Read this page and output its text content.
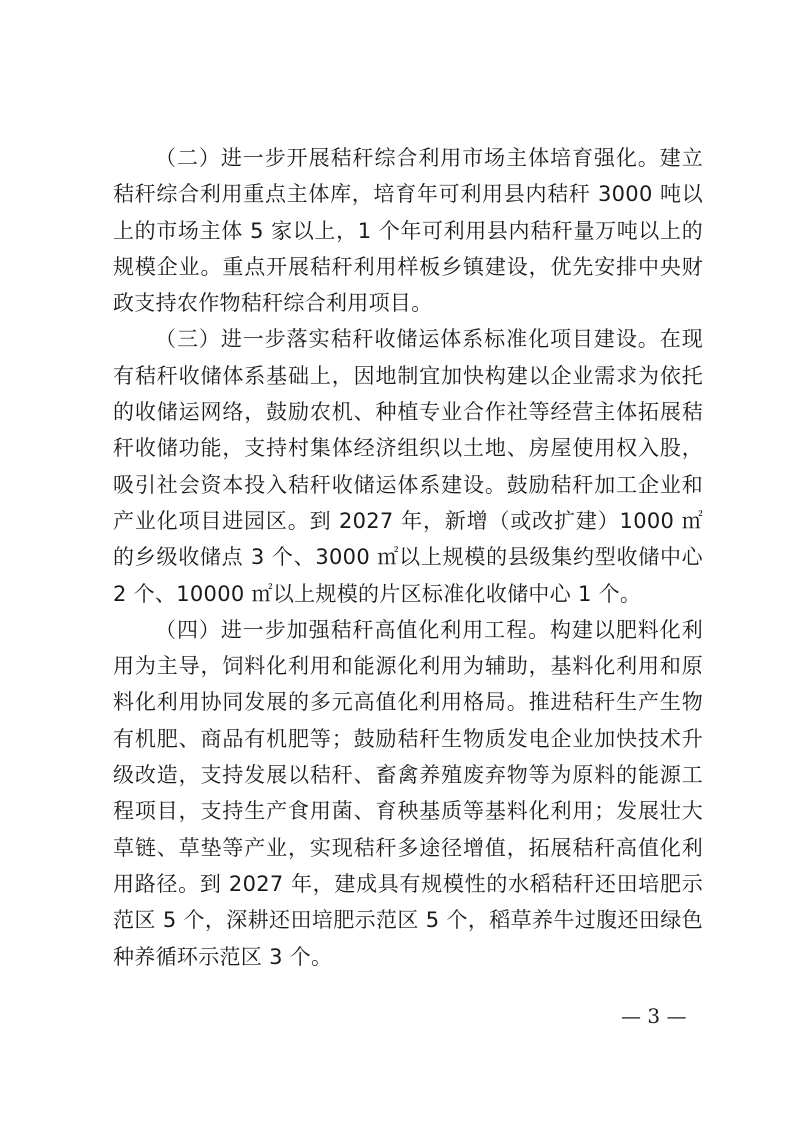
（二）进一步开展秸秆综合利用市场主体培育强化。建立秸秆综合利用重点主体库，培育年可利用县内秸秆 3000 吨以上的市场主体 5 家以上，1 个年可利用县内秸秆量万吨以上的规模企业。重点开展秸秆利用样板乡镇建设，优先安排中央财政支持农作物秸秆综合利用项目。

（三）进一步落实秸秆收储运体系标准化项目建设。在现有秸秆收储体系基础上，因地制宜加快构建以企业需求为依托的收储运网络，鼓励农机、种植专业合作社等经营主体拓展秸秆收储功能，支持村集体经济组织以土地、房屋使用权入股，吸引社会资本投入秸秆收储运体系建设。鼓励秸秆加工企业和产业化项目进园区。到 2027 年，新增（或改扩建）1000 ㎡的乡级收储点 3 个、3000 ㎡以上规模的县级集约型收储中心 2 个、10000 ㎡以上规模的片区标准化收储中心 1 个。

（四）进一步加强秸秆高值化利用工程。构建以肥料化利用为主导，饲料化利用和能源化利用为辅助，基料化利用和原料化利用协同发展的多元高值化利用格局。推进秸秆生产生物有机肥、商品有机肥等；鼓励秸秆生物质发电企业加快技术升级改造，支持发展以秸秆、畜禽养殖废弃物等为原料的能源工程项目，支持生产食用菌、育秧基质等基料化利用；发展壮大草链、草垫等产业，实现秸秆多途径增值，拓展秸秆高值化利用路径。到 2027 年，建成具有规模性的水稻秸秆还田培肥示范区 5 个，深耕还田培肥示范区 5 个，稻草养牛过腹还田绿色种养循环示范区 3 个。

— 3 —
